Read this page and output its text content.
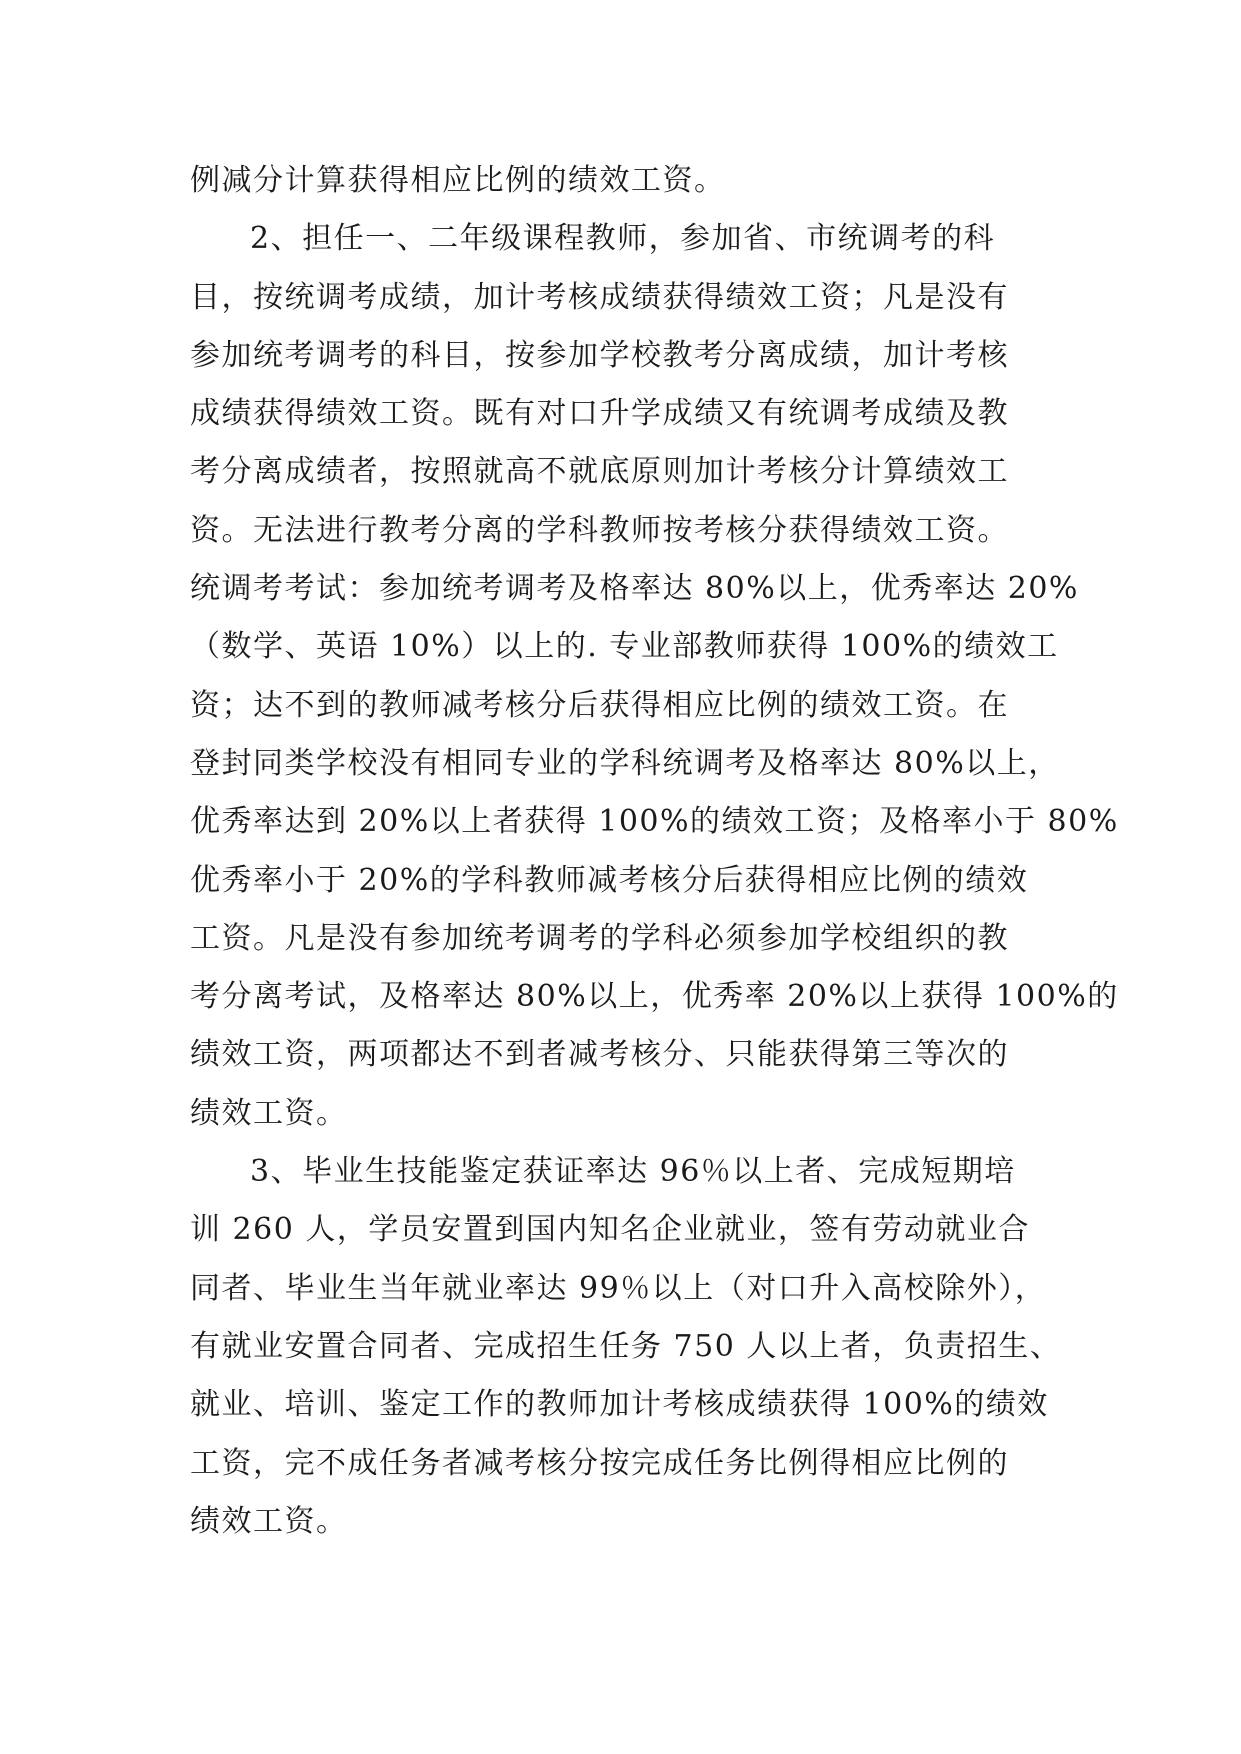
例减分计算获得相应比例的绩效工资。
2、担任一、二年级课程教师，参加省、市统调考的科
目，按统调考成绩，加计考核成绩获得绩效工资；凡是没有
参加统考调考的科目，按参加学校教考分离成绩，加计考核
成绩获得绩效工资。既有对口升学成绩又有统调考成绩及教
考分离成绩者，按照就高不就底原则加计考核分计算绩效工
资。无法进行教考分离的学科教师按考核分获得绩效工资。
统调考考试：参加统考调考及格率达 80%以上，优秀率达 20%
（数学、英语 10%）以上的. 专业部教师获得 100%的绩效工
资；达不到的教师减考核分后获得相应比例的绩效工资。在
登封同类学校没有相同专业的学科统调考及格率达 80%以上，
优秀率达到 20%以上者获得 100%的绩效工资；及格率小于 80%
优秀率小于 20%的学科教师减考核分后获得相应比例的绩效
工资。凡是没有参加统考调考的学科必须参加学校组织的教
考分离考试，及格率达 80%以上，优秀率 20%以上获得 100%的
绩效工资，两项都达不到者减考核分、只能获得第三等次的
绩效工资。
3、毕业生技能鉴定获证率达 96％以上者、完成短期培
训 260 人，学员安置到国内知名企业就业，签有劳动就业合
同者、毕业生当年就业率达 99％以上（对口升入高校除外），
有就业安置合同者、完成招生任务 750 人以上者，负责招生、
就业、培训、鉴定工作的教师加计考核成绩获得 100%的绩效
工资，完不成任务者减考核分按完成任务比例得相应比例的
绩效工资。
